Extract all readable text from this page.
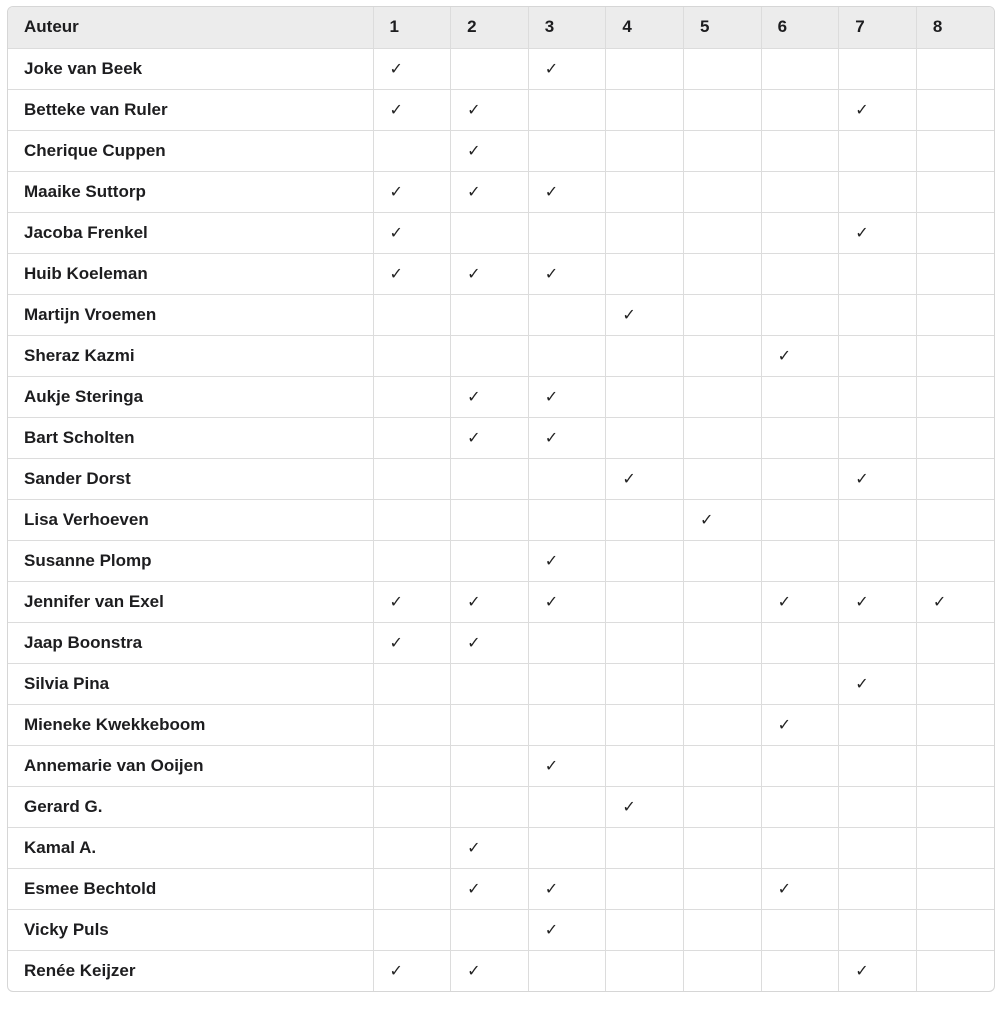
Auteur	1	2	3	4	5	6	7	8
Joke van Beek	✓		✓					
Betteke van Ruler	✓	✓					✓	
Cherique Cuppen		✓						
Maaike Suttorp	✓	✓	✓					
Jacoba Frenkel	✓						✓	
Huib Koeleman	✓	✓	✓					
Martijn Vroemen				✓				
Sheraz Kazmi						✓		
Aukje Steringa		✓	✓					
Bart Scholten		✓	✓					
Sander Dorst				✓			✓	
Lisa Verhoeven					✓			
Susanne Plomp			✓					
Jennifer van Exel	✓	✓	✓			✓	✓	✓
Jaap Boonstra	✓	✓						
Silvia Pina							✓	
Mieneke Kwekkeboom						✓		
Annemarie van Ooijen			✓					
Gerard G.				✓				
Kamal A.		✓						
Esmee Bechtold		✓	✓			✓		
Vicky Puls			✓					
Renée Keijzer	✓	✓					✓	
